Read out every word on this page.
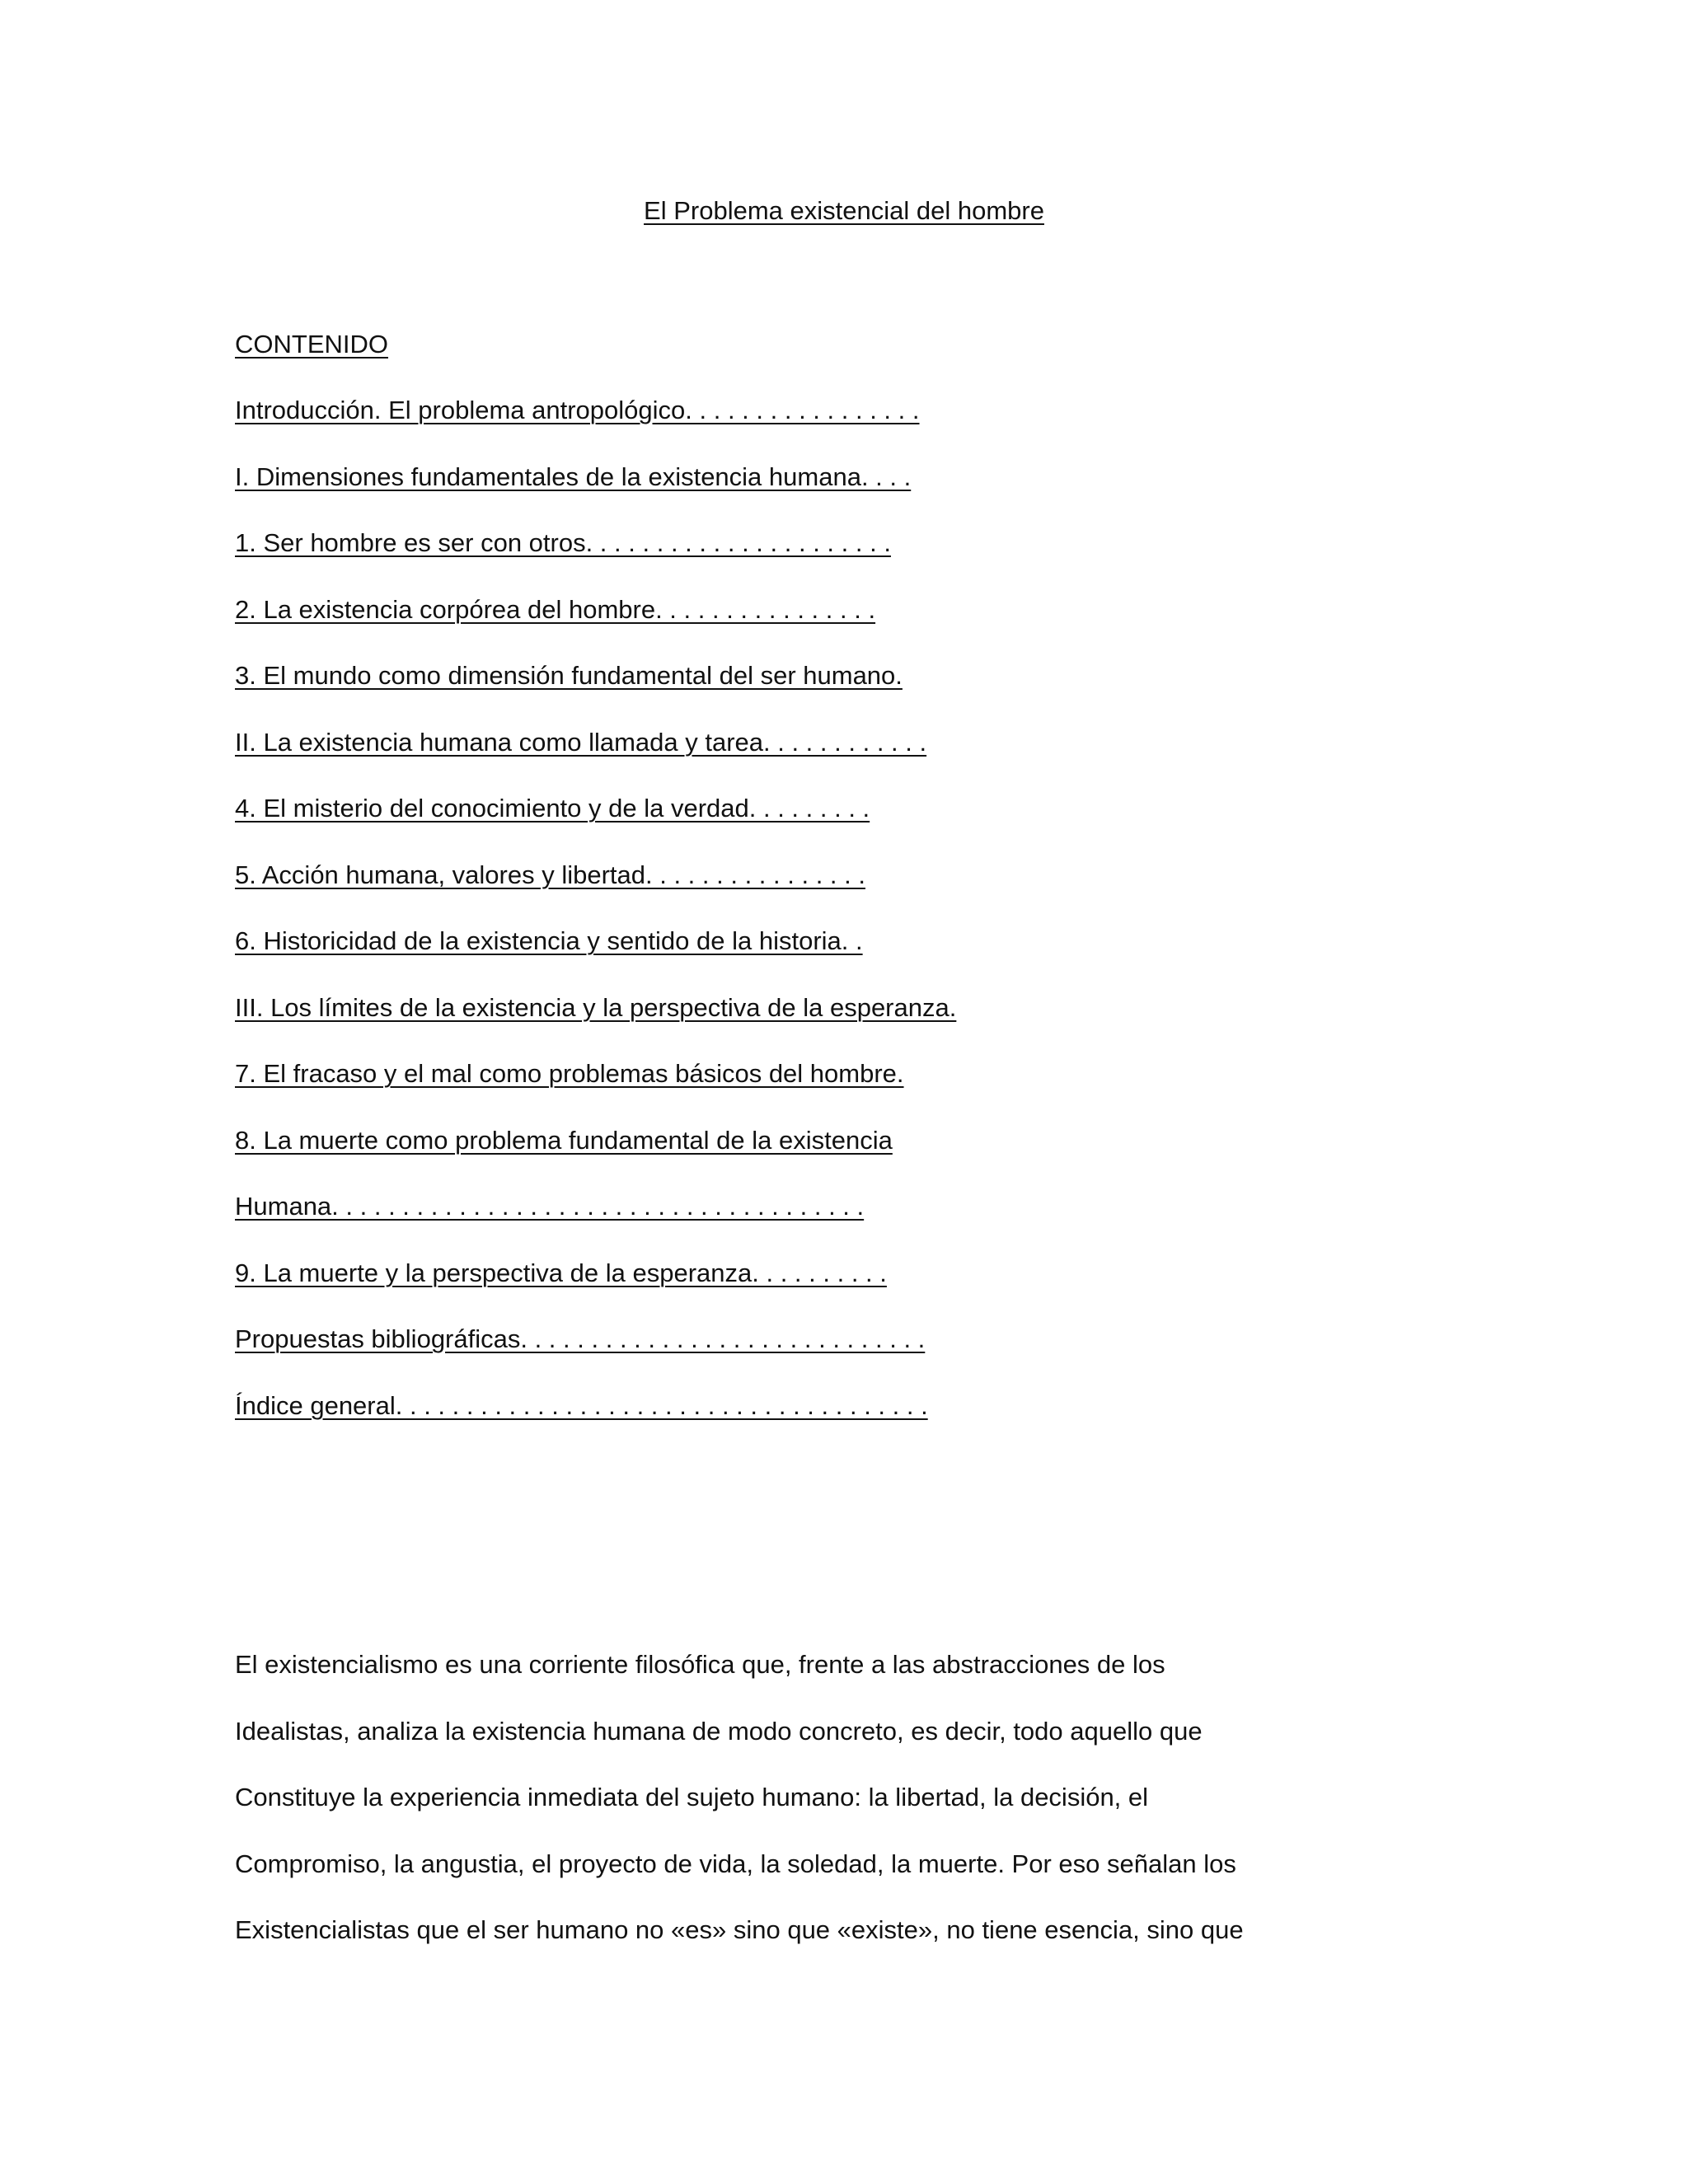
El Problema existencial del hombre
CONTENIDO
Introducción. El problema antropológico. . . . . . . . . . . . . . . . .
I. Dimensiones fundamentales de la existencia humana. . . .
1. Ser hombre es ser con otros. . . . . . . . . . . . . . . . . . . . . .
2. La existencia corpórea del hombre. . . . . . . . . . . . . . . .
3. El mundo como dimensión fundamental del ser humano.
II. La existencia humana como llamada y tarea. . . . . . . . . . . .
4. El misterio del conocimiento y de la verdad. . . . . . . . .
5. Acción humana, valores y libertad. . . . . . . . . . . . . . . .
6. Historicidad de la existencia y sentido de la historia. .
III. Los límites de la existencia y la perspectiva de la esperanza.
7. El fracaso y el mal como problemas básicos del hombre.
8. La muerte como problema fundamental de la existencia
Humana. . . . . . . . . . . . . . . . . . . . . . . . . . . . . . . . . . . . . .
9. La muerte y la perspectiva de la esperanza. . . . . . . . . .
Propuestas bibliográficas. . . . . . . . . . . . . . . . . . . . . . . . . . . . .
Índice general. . . . . . . . . . . . . . . . . . . . . . . . . . . . . . . . . . . . . .
El existencialismo es una corriente filosófica que, frente a las abstracciones de los
Idealistas, analiza la existencia humana de modo concreto, es decir, todo aquello que
Constituye la experiencia inmediata del sujeto humano: la libertad, la decisión, el
Compromiso, la angustia, el proyecto de vida, la soledad, la muerte. Por eso señalan los
Existencialistas que el ser humano no «es» sino que «existe», no tiene esencia, sino que
